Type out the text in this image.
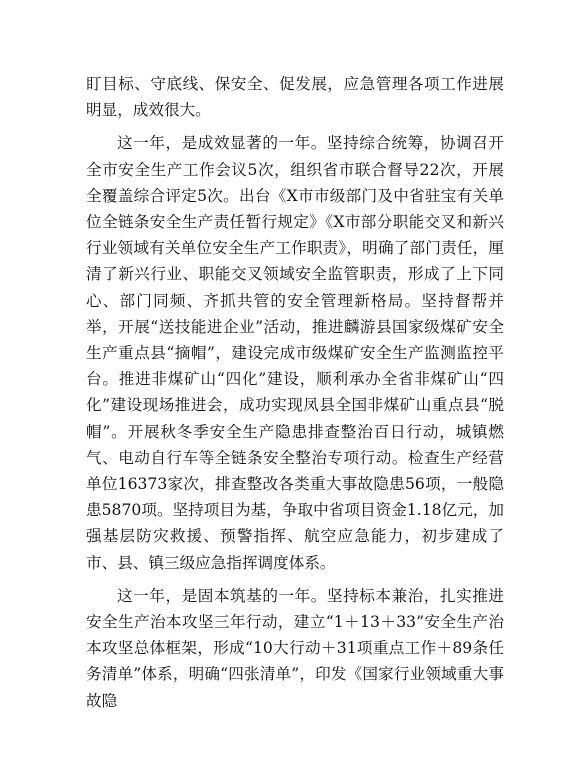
盯目标、守底线、保安全、促发展，应急管理各项工作进展明显，成效很大。

这一年，是成效显著的一年。坚持综合统筹，协调召开全市安全生产工作会议5次，组织省市联合督导22次，开展全覆盖综合评定5次。出台《X市市级部门及中省驻宝有关单位全链条安全生产责任暂行规定》《X市部分职能交叉和新兴行业领域有关单位安全生产工作职责》，明确了部门责任，厘清了新兴行业、职能交叉领域安全监管职责，形成了上下同心、部门同频、齐抓共管的安全管理新格局。坚持督帮并举，开展“送技能进企业”活动，推进麟游县国家级煤矿安全生产重点县“摘帽”，建设完成市级煤矿安全生产监测监控平台。推进非煤矿山“四化”建设，顺利承办全省非煤矿山“四化”建设现场推进会，成功实现凤县全国非煤矿山重点县“脱帽”。开展秋冬季安全生产隐患排查整治百日行动，城镇燃气、电动自行车等全链条安全整治专项行动。检查生产经营单位16373家次，排查整改各类重大事故隐患56项，一般隐患5870项。坚持项目为基，争取中省项目资金1.18亿元，加强基层防灾救援、预警指挥、航空应急能力，初步建成了市、县、镇三级应急指挥调度体系。

这一年，是固本筑基的一年。坚持标本兼治，扎实推进安全生产治本攻坚三年行动，建立“1＋13＋33”安全生产治本攻坚总体框架，形成“10大行动＋31项重点工作＋89条任务清单”体系，明确“四张清单”，印发《国家行业领域重大事故隐
